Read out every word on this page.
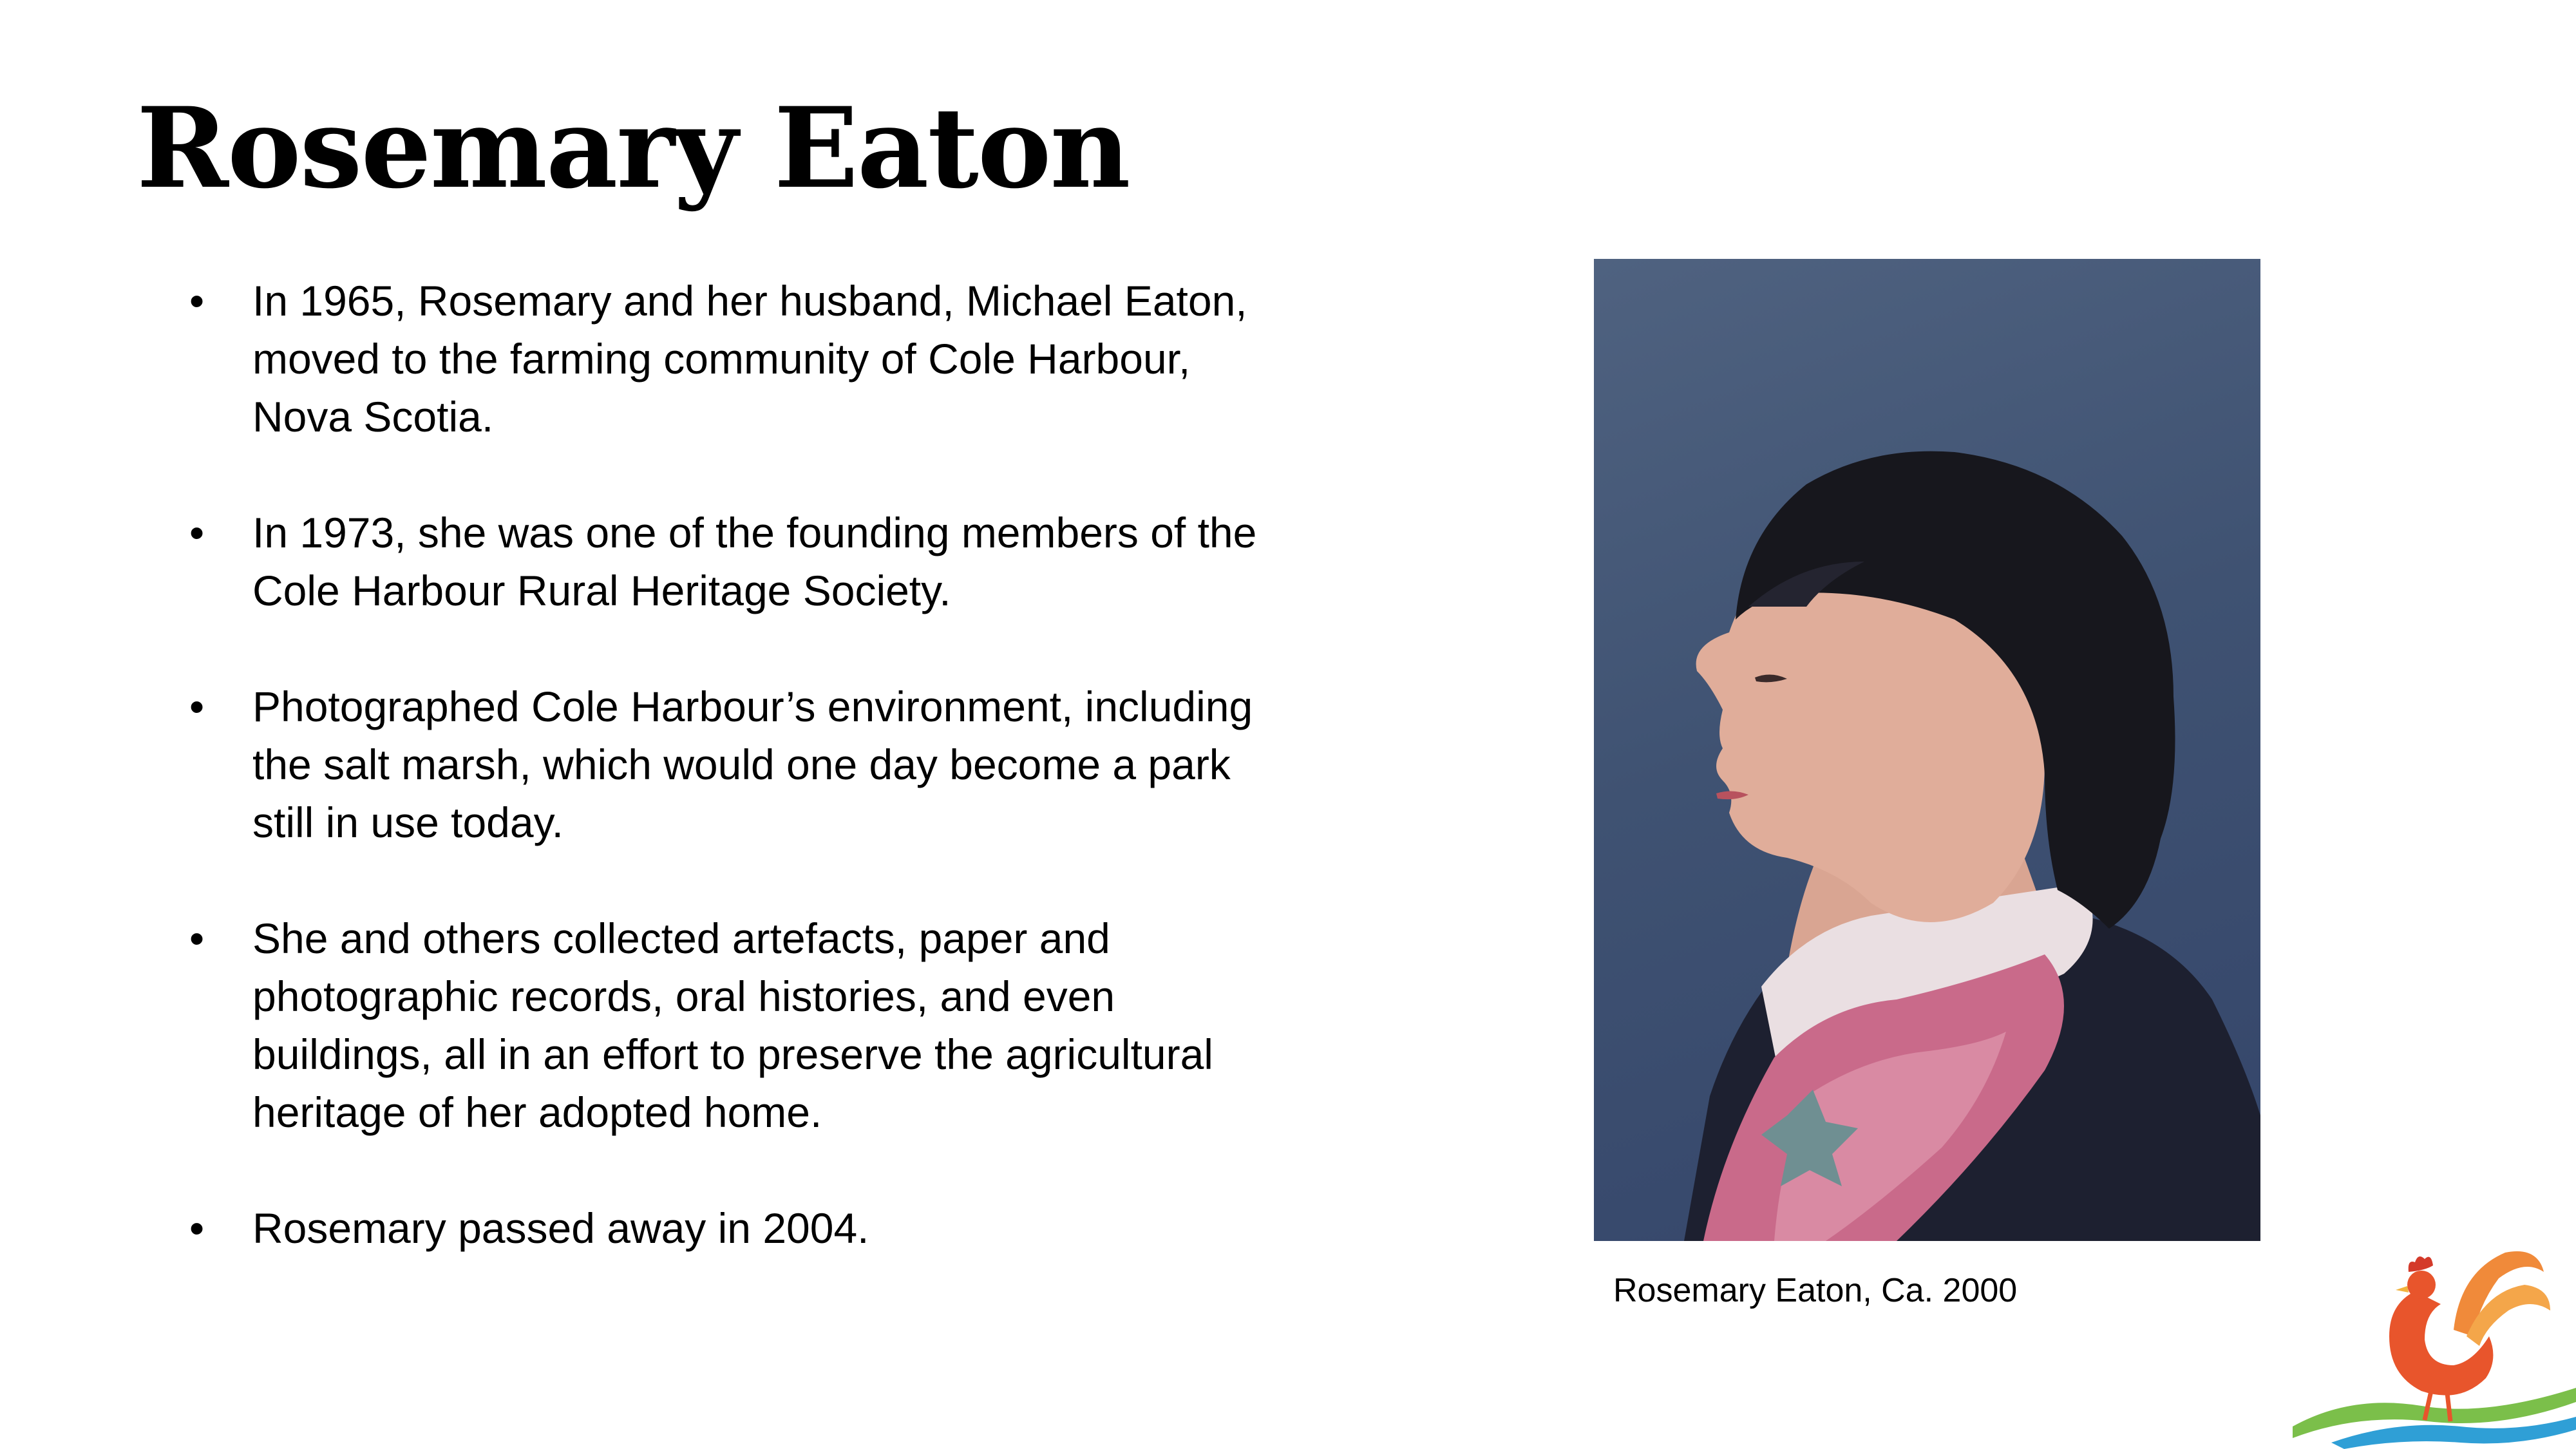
Rosemary Eaton
• In 1965, Rosemary and her husband, Michael Eaton, moved to the farming community of Cole Harbour, Nova Scotia.
• In 1973, she was one of the founding members of the Cole Harbour Rural Heritage Society.
• Photographed Cole Harbour’s environment, including the salt marsh, which would one day become a park still in use today.
• She and others collected artefacts, paper and photographic records, oral histories, and even buildings, all in an effort to preserve the agricultural heritage of her adopted home.
• Rosemary passed away in 2004.
Rosemary Eaton, Ca. 2000
